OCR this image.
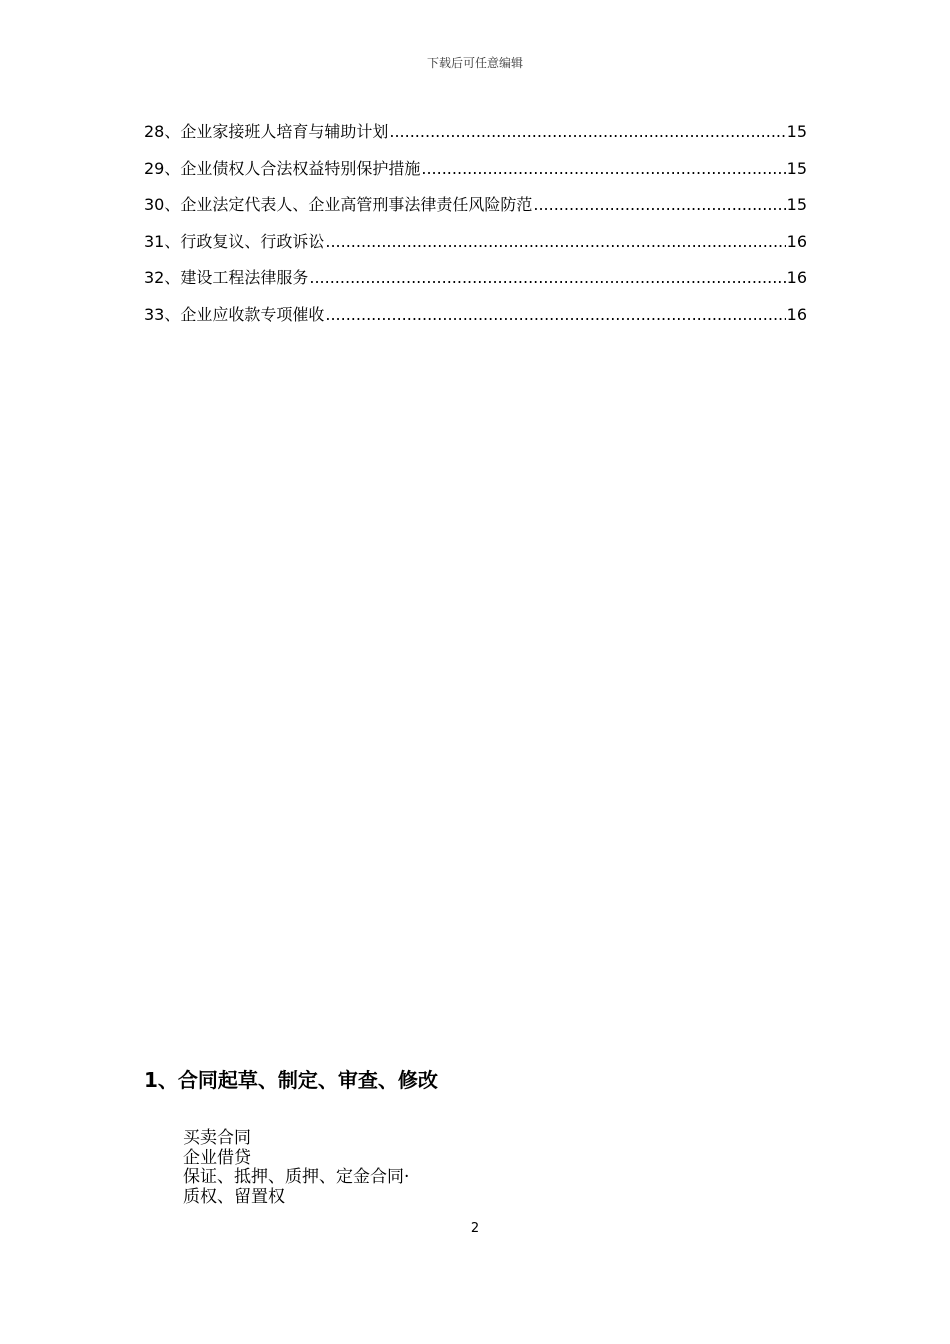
下载后可任意编辑
28、企业家接班人培育与辅助计划 .....	15
29、企业债权人合法权益特别保护措施 .....	15
30、企业法定代表人、企业高管刑事法律责任风险防范 .....	15
31、行政复议、行政诉讼 .....	16
32、建设工程法律服务 .....	16
33、企业应收款专项催收 .....	16
1、合同起草、制定、审查、修改
买卖合同
企业借贷
保证、抵押、质押、定金合同·
质权、留置权
2
